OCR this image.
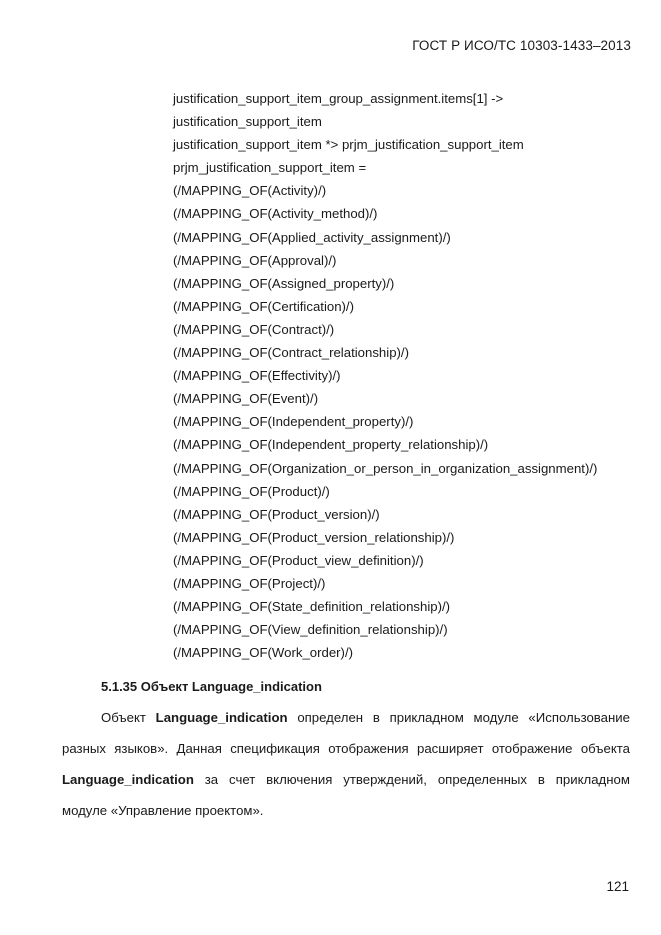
ГОСТ Р ИСО/ТС 10303-1433–2013
justification_support_item_group_assignment.items[1] ->
justification_support_item
justification_support_item *> prjm_justification_support_item
prjm_justification_support_item =
(/MAPPING_OF(Activity)/)
(/MAPPING_OF(Activity_method)/)
(/MAPPING_OF(Applied_activity_assignment)/)
(/MAPPING_OF(Approval)/)
(/MAPPING_OF(Assigned_property)/)
(/MAPPING_OF(Certification)/)
(/MAPPING_OF(Contract)/)
(/MAPPING_OF(Contract_relationship)/)
(/MAPPING_OF(Effectivity)/)
(/MAPPING_OF(Event)/)
(/MAPPING_OF(Independent_property)/)
(/MAPPING_OF(Independent_property_relationship)/)
(/MAPPING_OF(Organization_or_person_in_organization_assignment)/)
(/MAPPING_OF(Product)/)
(/MAPPING_OF(Product_version)/)
(/MAPPING_OF(Product_version_relationship)/)
(/MAPPING_OF(Product_view_definition)/)
(/MAPPING_OF(Project)/)
(/MAPPING_OF(State_definition_relationship)/)
(/MAPPING_OF(View_definition_relationship)/)
(/MAPPING_OF(Work_order)/)
5.1.35 Объект Language_indication
Объект Language_indication определен в прикладном модуле «Использование
разных языков». Данная спецификация отображения расширяет отображение объекта
Language_indication за счет включения утверждений, определенных в прикладном
модуле «Управление проектом».
121
